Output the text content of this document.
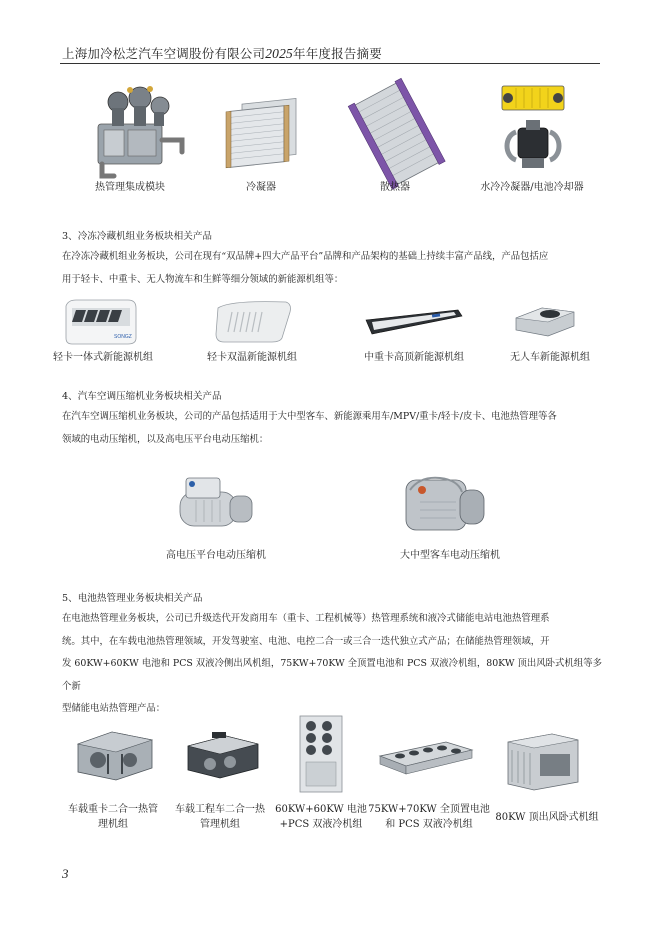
上海加冷松芝汽车空调股份有限公司2025年年度报告摘要
热管理集成模块	冷凝器	散热器	水冷冷凝器/电池冷却器
3、冷冻冷藏机组业务板块相关产品
在冷冻冷藏机组业务板块，公司在现有“双品牌+四大产品平台”品牌和产品架构的基础上持续丰富产品线，产品包括应
用于轻卡、中重卡、无人物流车和生鲜等细分领域的新能源机组等：
SONGZ
轻卡一体式新能源机组	轻卡双温新能源机组	中重卡高顶新能源机组	无人车新能源机组
4、汽车空调压缩机业务板块相关产品
在汽车空调压缩机业务板块，公司的产品包括适用于大中型客车、新能源乘用车/MPV/重卡/轻卡/皮卡、电池热管理等各
领域的电动压缩机，以及高电压平台电动压缩机：
高电压平台电动压缩机	大中型客车电动压缩机
5、电池热管理业务板块相关产品
在电池热管理业务板块，公司已升级迭代开发商用车（重卡、工程机械等）热管理系统和液冷式储能电站电池热管理系
统。其中，在车载电池热管理领域，开发驾驶室、电池、电控二合一或三合一迭代独立式产品；在储能热管理领域，开
发 60KW+60KW 电池和 PCS 双液冷侧出风机组，75KW+70KW 全顶置电池和 PCS 双液冷机组，80KW 顶出风卧式机组等多个新
型储能电站热管理产品：
车载重卡二合一热管
理机组
车载工程车二合一热
管理机组
60KW+60KW 电池
+PCS 双液冷机组
75KW+70KW 全顶置电池
和 PCS 双液冷机组
80KW 顶出风卧式机组
3
